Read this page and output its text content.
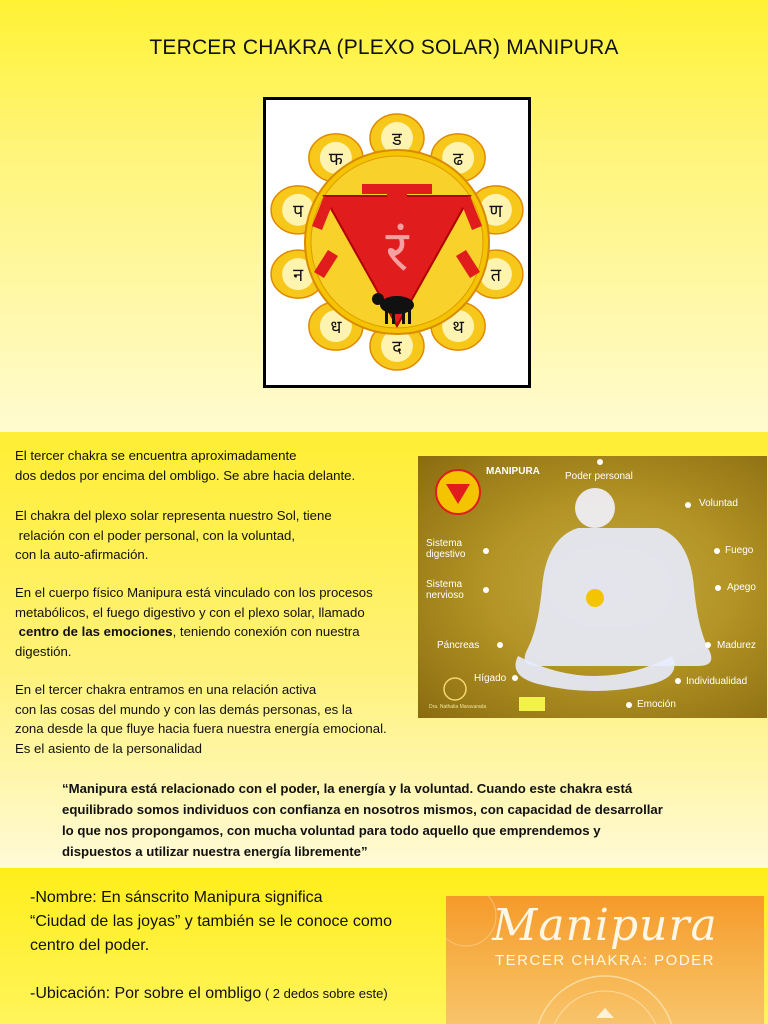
TERCER CHAKRA (PLEXO SOLAR) MANIPURA
ड
ढ
ण
त
थ
द
ध
न
प
फ
रं
El tercer chakra se encuentra aproximadamente
dos dedos por encima del ombligo. Se abre hacia delante.
El chakra del plexo solar representa nuestro Sol, tiene
relación con el poder personal, con la voluntad,
con la auto-afirmación.
En el cuerpo físico Manipura está vinculado con los procesos
metabólicos, el fuego digestivo y con el plexo solar, llamado
centro de las emociones, teniendo conexión con nuestra
digestión.
En el tercer chakra entramos en una relación activa
con las cosas del mundo y con las demás personas, es la
zona desde la que fluye hacia fuera nuestra energía emocional.
Es el asiento de la personalidad
MANIPURA	Poder personal
Voluntad
Sistema
digestivo	Fuego
Sistema
nervioso
Apego
Páncreas	Madurez
Hígado	Individualidad
Emoción
Dra. Nathalia Maravarada
“Manipura está relacionado con el poder, la energía y la voluntad. Cuando este chakra está
equilibrado somos individuos con confianza en nosotros mismos, con capacidad de desarrollar
lo que nos propongamos, con mucha voluntad para todo aquello que emprendemos y
dispuestos a utilizar nuestra energía libremente”
-Nombre: En sánscrito Manipura significa
“Ciudad de las joyas” y también se le conoce como
centro del poder.
-Ubicación: Por sobre el ombligo ( 2 dedos sobre este)
Manipura
TERCER CHAKRA: PODER
